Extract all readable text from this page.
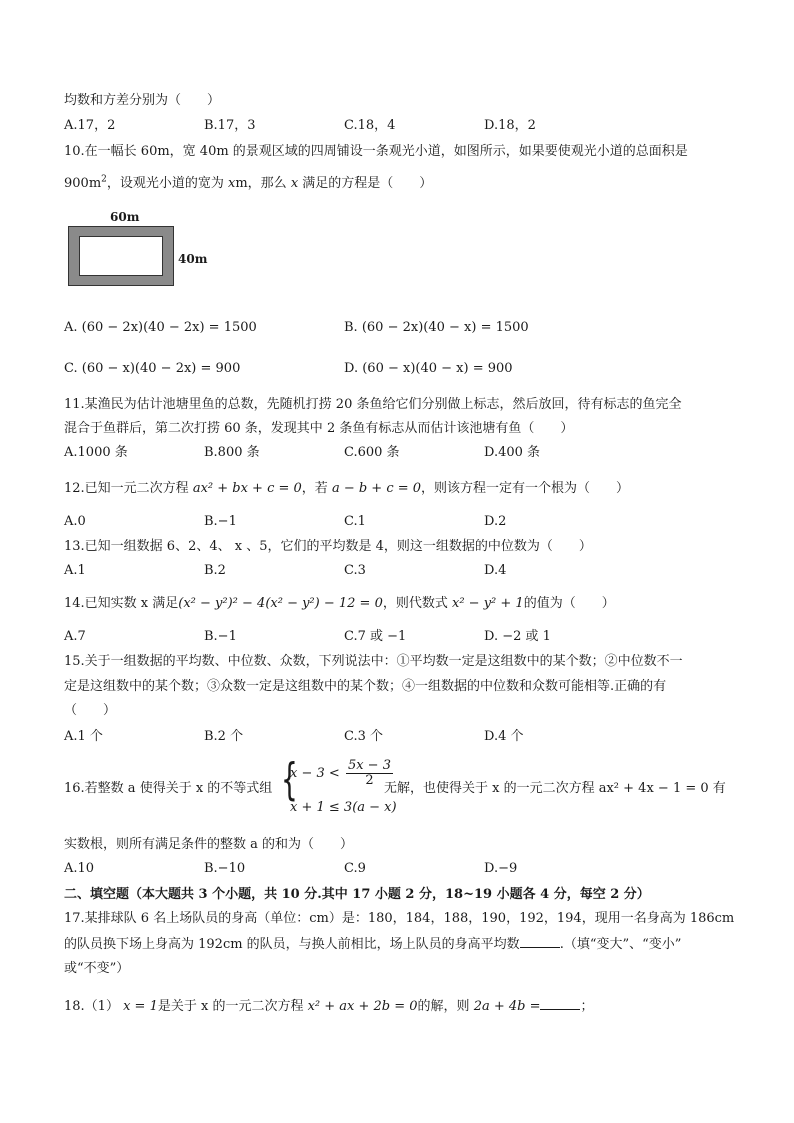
均数和方差分别为（　　）
A.17，2	B.17，3	C.18，4	D.18，2
10.在一幅长 60m，宽 40m 的景观区域的四周铺设一条观光小道，如图所示，如果要使观光小道的总面积是
$900m^2$，设观光小道的宽为 xm，那么 x 满足的方程是（　　）
60m
40m
A. (60 − 2x)(40 − 2x) = 1500	B. (60 − 2x)(40 − x) = 1500
C. (60 − x)(40 − 2x) = 900	D. (60 − x)(40 − x) = 900
11.某渔民为估计池塘里鱼的总数，先随机打捞 20 条鱼给它们分别做上标志，然后放回，待有标志的鱼完全
混合于鱼群后，第二次打捞 60 条，发现其中 2 条鱼有标志从而估计该池塘有鱼（　　）
A.1000 条	B.800 条	C.600 条	D.400 条
12.已知一元二次方程 ax² + bx + c = 0，若 a − b + c = 0，则该方程一定有一个根为（　　）
A.0	B.−1	C.1	D.2
13.已知一组数据 6、2、4、 x 、5，它们的平均数是 4，则这一组数据的中位数为（　　）
A.1	B.2	C.3	D.4
14.已知实数 x 满足(x² − y²)² − 4(x² − y²) − 12 = 0，则代数式 x² − y² + 1的值为（　　）
A.7	B.−1	C.7 或 −1	D. −2 或 1
15.关于一组数据的平均数、中位数、众数，下列说法中：①平均数一定是这组数中的某个数；②中位数不一
定是这组数中的某个数；③众数一定是这组数中的某个数；④一组数据的中位数和众数可能相等.正确的有
（　　）
A.1 个	B.2 个	C.3 个	D.4 个
16.若整数 a 使得关于 x 的不等式组 {
$x - 3 < \frac{5x - 3}{2}$
x + 1 ≤ 3(a − x)
无解，也使得关于 x 的一元二次方程 ax² + 4x − 1 = 0 有
实数根，则所有满足条件的整数 a 的和为（　　）
A.10	B.−10	C.9	D.−9
二、填空题（本大题共 3 个小题，共 10 分.其中 17 小题 2 分，18~19 小题各 4 分，每空 2 分）
17.某排球队 6 名上场队员的身高（单位：cm）是：180，184，188，190，192，194，现用一名身高为 186cm
的队员换下场上身高为 192cm 的队员，与换人前相比，场上队员的身高平均数	.（填“变大”、“变小”
或“不变”）
18.（1） x = 1是关于 x 的一元二次方程 x² + ax + 2b = 0的解，则 2a + 4b =	；
